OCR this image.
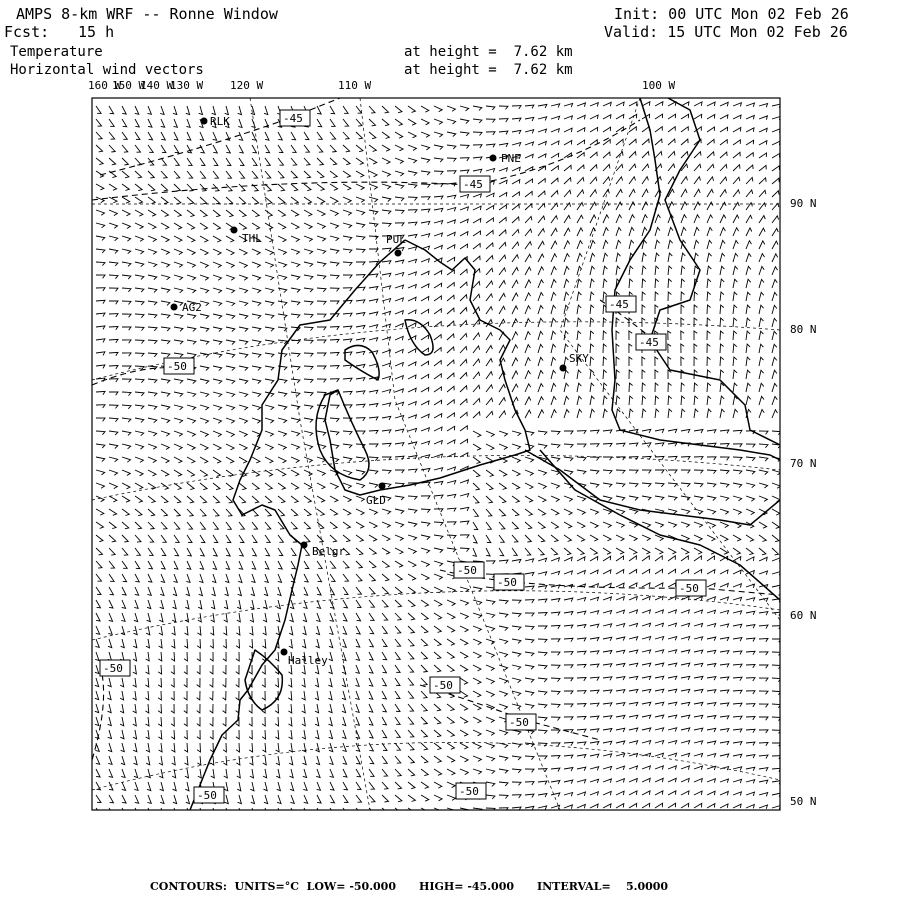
AMPS 8-km WRF -- Ronne Window	Init: 00 UTC Mon 02 Feb 26
Fcst: 15 h	Valid: 15 UTC Mon 02 Feb 26
Temperature	at height =  7.62 km
Horizontal wind vectors	at height =  7.62 km
RLK
PNE
THL	PUL
AG2
SKY
GLD
Belgr
Halley
-45
-45
-45
-45
-50
-50
-50	-50
-50
-50
-50
-50
-50
160 W
150 W
140 W
130 W 120 W	110 W	100 W
90 N
80 N
70 N
60 N
50 N
CONTOURS:  UNITS=°C  LOW= -50.000      HIGH= -45.000      INTERVAL=    5.0000
